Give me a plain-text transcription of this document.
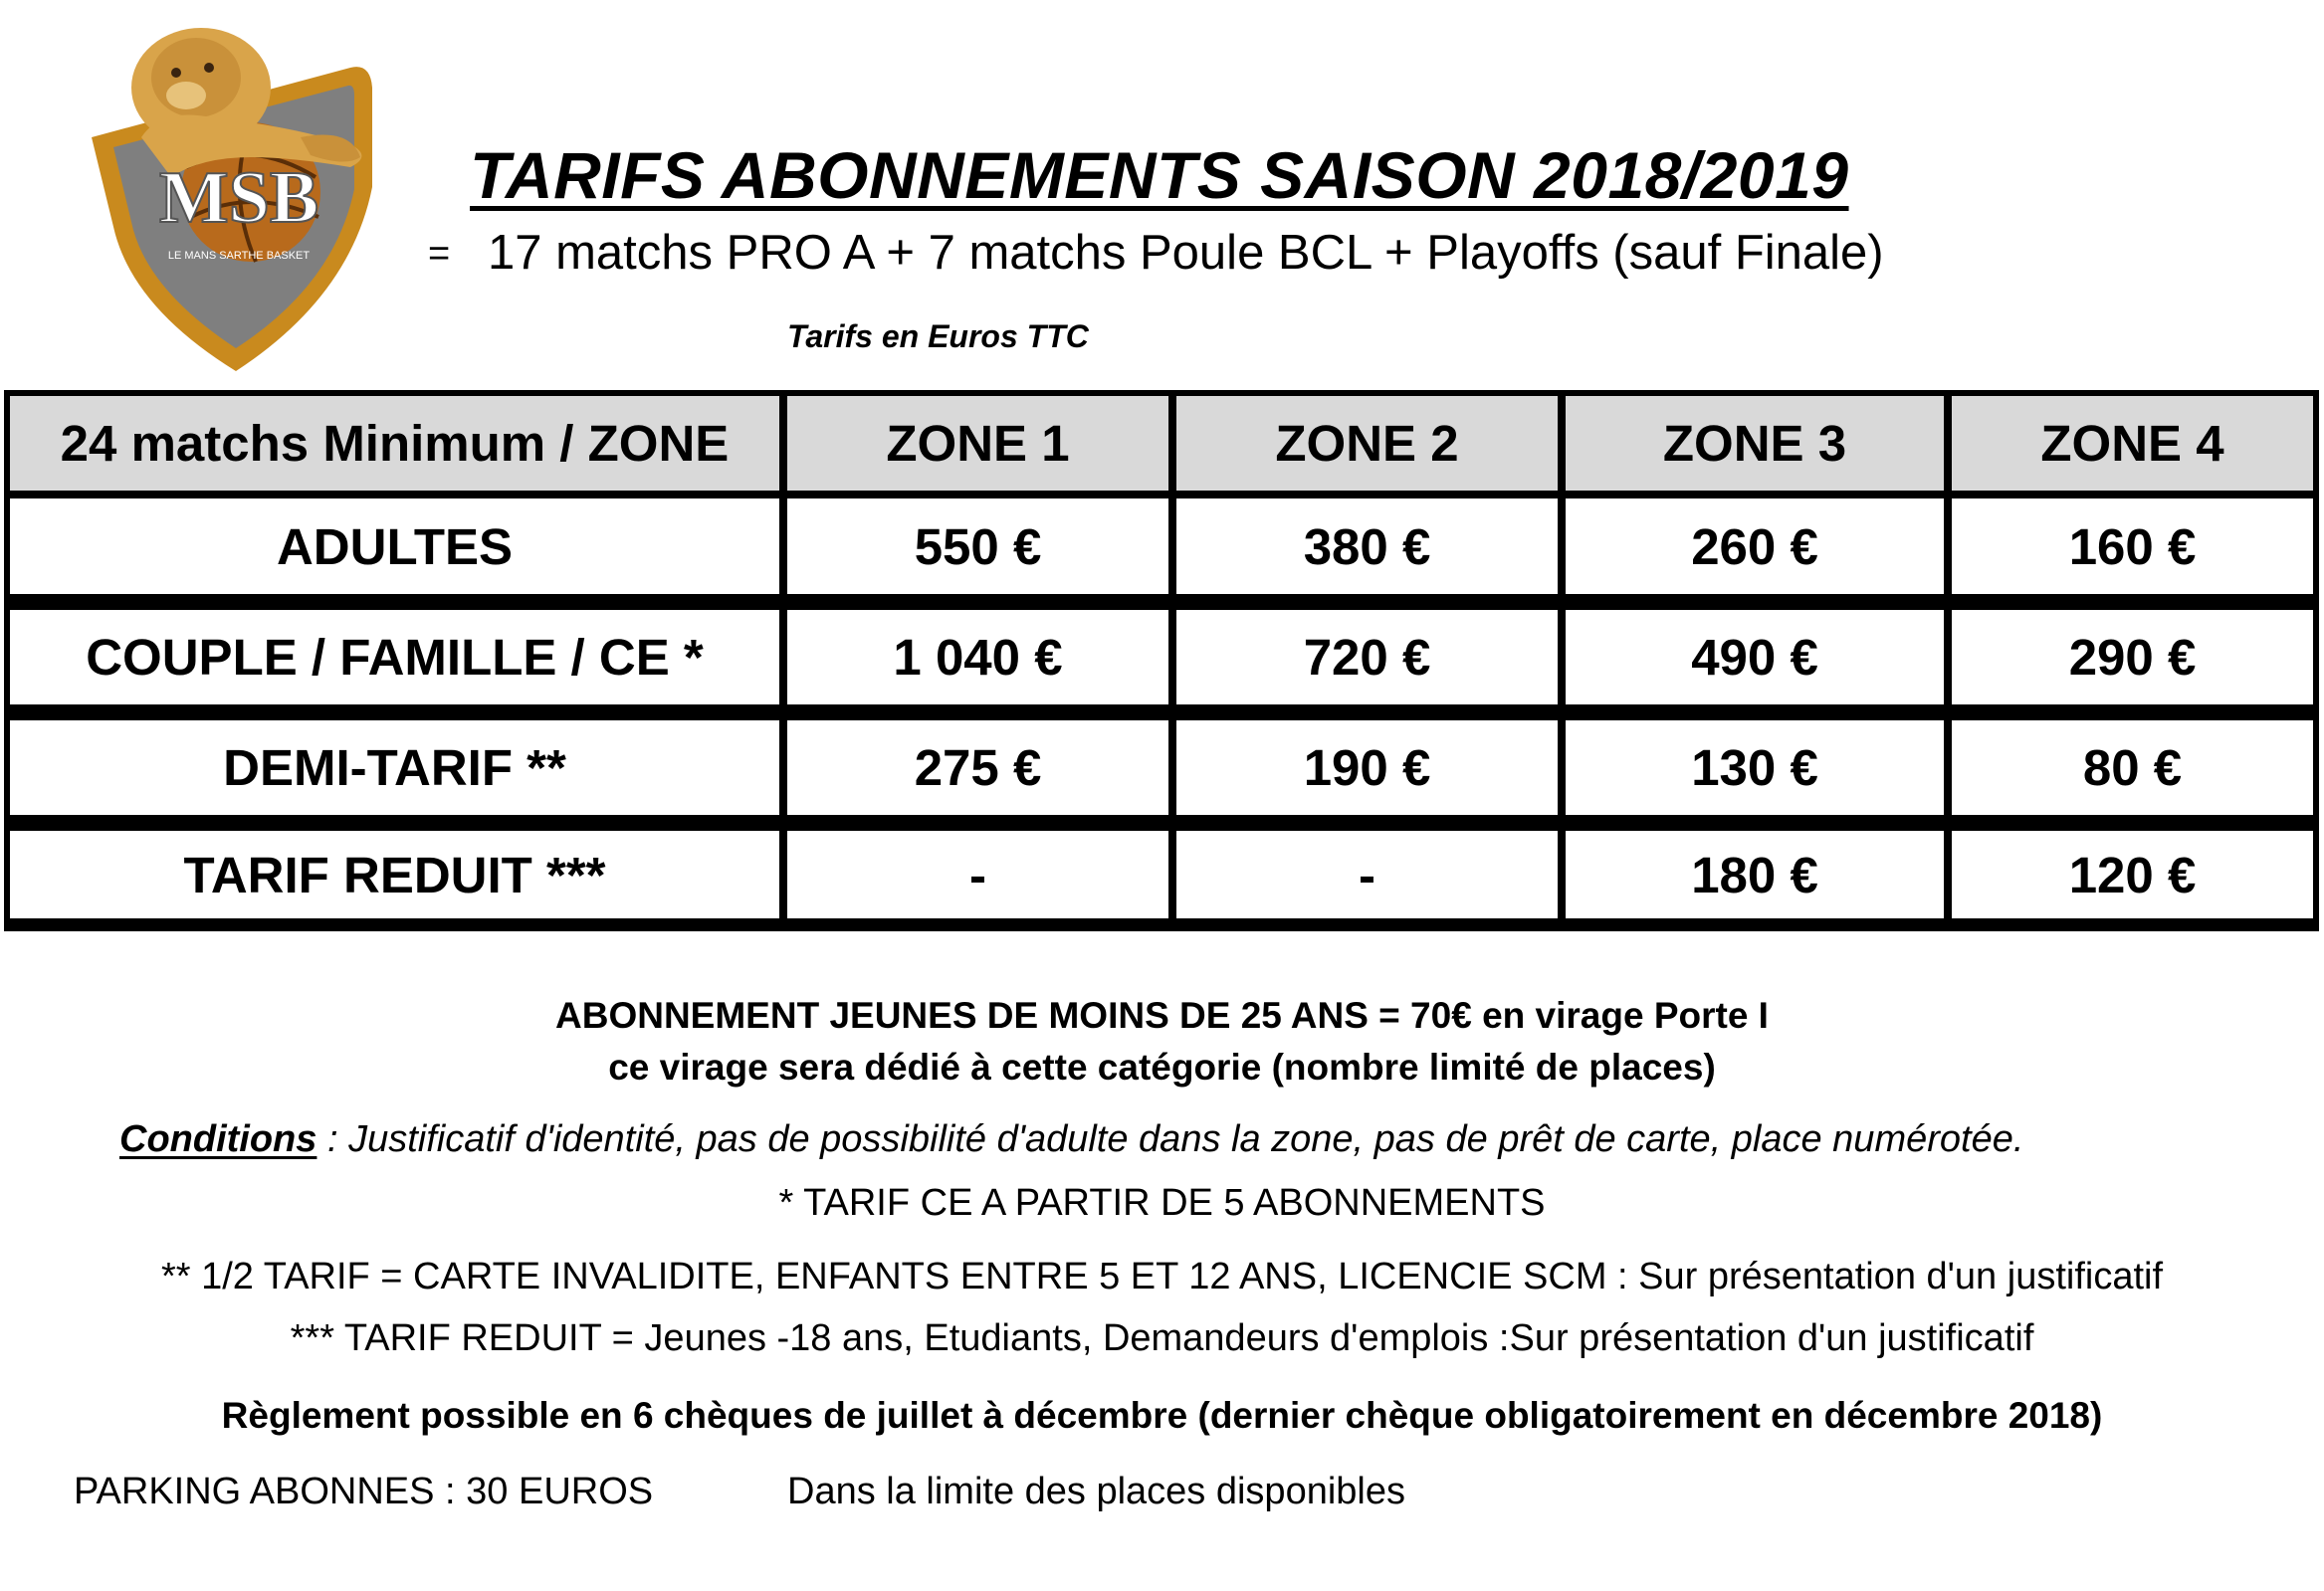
MSB
LE MANS SARTHE BASKET
TARIFS ABONNEMENTS SAISON 2018/2019
= 17 matchs PRO A + 7 matchs Poule BCL + Playoffs (sauf Finale)
Tarifs en Euros TTC
24 matchs Minimum / ZONE	ZONE 1	ZONE 2	ZONE 3	ZONE 4
ADULTES	550 €	380 €	260 €	160 €
COUPLE / FAMILLE / CE *	1 040 €	720 €	490 €	290 €
DEMI-TARIF **	275 €	190 €	130 €	80 €
TARIF REDUIT ***	-	-	180 €	120 €
ABONNEMENT JEUNES DE MOINS DE 25 ANS = 70€ en virage Porte I
ce virage sera dédié à cette catégorie (nombre limité de places)
Conditions : Justificatif d'identité, pas de possibilité d'adulte dans la zone, pas de prêt de carte, place numérotée.
* TARIF CE A PARTIR DE 5 ABONNEMENTS
** 1/2 TARIF = CARTE INVALIDITE, ENFANTS ENTRE 5 ET 12 ANS, LICENCIE SCM : Sur présentation d'un justificatif
*** TARIF REDUIT = Jeunes -18 ans, Etudiants, Demandeurs d'emplois :Sur présentation d'un justificatif
Règlement possible en 6 chèques de juillet à décembre (dernier chèque obligatoirement en décembre 2018)
PARKING ABONNES : 30 EUROS	Dans la limite des places disponibles
